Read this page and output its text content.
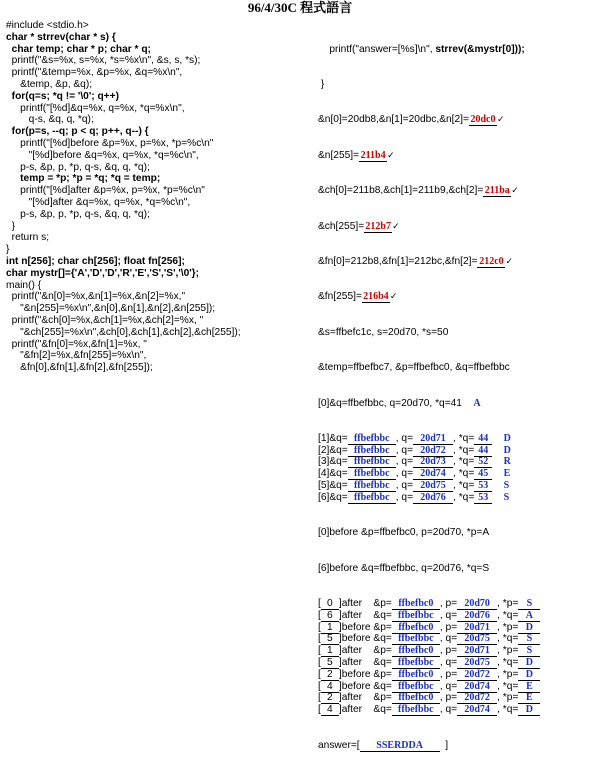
96/4/30C 程式語言
#include <stdio.h>
char * strrev(char * s) {
char temp; char * p; char * q;
printf("&s=%x, s=%x, *s=%x\n", &s, s, *s);
printf("&temp=%x, &p=%x, &q=%x\n",
&temp, &p, &q);
for(q=s; *q != '\0'; q++)
printf("[%d]&q=%x, q=%x, *q=%x\n",
q-s, &q, q, *q);
for(p=s, --q; p < q; p++, q--) {
printf("[%d]before &p=%x, p=%x, *p=%c\n"
"[%d]before &q=%x, q=%x, *q=%c\n",
p-s, &p, p, *p, q-s, &q, q, *q);
temp = *p; *p = *q; *q = temp;
printf("[%d]after &p=%x, p=%x, *p=%c\n"
"[%d]after &q=%x, q=%x, *q=%c\n",
p-s, &p, p, *p, q-s, &q, q, *q);
}
return s;
}
int n[256]; char ch[256]; float fn[256];
char mystr[]={'A','D','D','R','E','S','S','\0'};
main() {
printf("&n[0]=%x,&n[1]=%x,&n[2]=%x,"
"&n[255]=%x\n",&n[0],&n[1],&n[2],&n[255]);
printf("&ch[0]=%x,&ch[1]=%x,&ch[2]=%x, "
"&ch[255]=%x\n",&ch[0],&ch[1],&ch[2],&ch[255]);
printf("&fn[0]=%x,&fn[1]=%x, "
"&fn[2]=%x,&fn[255]=%x\n",
&fn[0],&fn[1],&fn[2],&fn[255]);

printf("answer=[%s]\n", strrev(&mystr[0]));

}

&n[0]=20db8,&n[1]=20dbc,&n[2]= 20dc0 ✓

&n[255]=211b4 ✓

&ch[0]=211b8,&ch[1]=211b9,&ch[2]=211ba ✓

&ch[255]=212b7✓

&fn[0]=212b8,&fn[1]=212bc,&fn[2]= 212c0 ✓

&fn[255]=216b4✓

&s=ffbefc1c, s=20d70, *s=50

&temp=ffbefbc7, &p=ffbefbc0, &q=ffbefbbc

[0]&q=ffbefbbc, q=20d70, *q=41 A

[1]&q= ffbefbbc , q= 20d71 , *q= 44 D
[2]&q= ffbefbbc , q= 20d72 , *q= 44 D
[3]&q= ffbefbbc , q= 20d73 , *q= 52 R
[4]&q= ffbefbbc , q= 20d74 , *q= 45 E
[5]&q= ffbefbbc , q= 20d75 , *q= 53 S
[6]&q= ffbefbbc , q= 20d76 , *q= 53 S

[0]before &p=ffbefbc0, p=20d70, *p=A

[6]before &q=ffbefbbc, q=20d76, *q=S

[ 0 ]after    &p= ffbefbc0 , p= 20d70 , *p= S
[ 6 ]after    &q= ffbefbbc , q= 20d76 , *q= A
[ 1 ]before &p= ffbefbc0 , p= 20d71 , *p= D
[ 5 ]before &q= ffbefbbc , q= 20d75 , *q= S
[ 1 ]after    &p= ffbefbc0 , p= 20d71 , *p= S
[ 5 ]after    &q= ffbefbbc , q= 20d75 , *q= D
[ 2 ]before &p= ffbefbc0 , p= 20d72 , *p= D
[ 4 ]before &q= ffbefbbc , q= 20d74 , *q= E
[ 2 ]after    &p= ffbefbc0 , p= 20d72 , *p= E
[ 4 ]after    &q= ffbefbbc , q= 20d74 , *q= D

answer=[ SSERDDA ]
